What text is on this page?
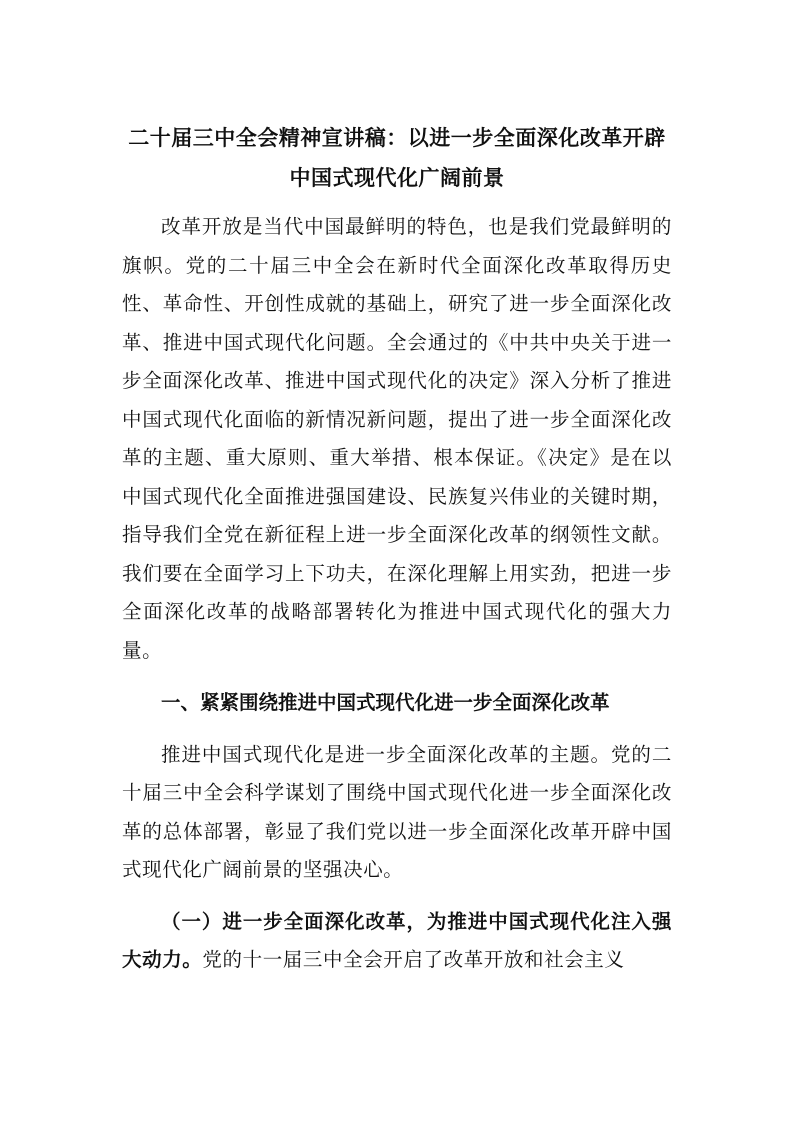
二十届三中全会精神宣讲稿：以进一步全面深化改革开辟中国式现代化广阔前景

改革开放是当代中国最鲜明的特色，也是我们党最鲜明的旗帜。党的二十届三中全会在新时代全面深化改革取得历史性、革命性、开创性成就的基础上，研究了进一步全面深化改革、推进中国式现代化问题。全会通过的《中共中央关于进一步全面深化改革、推进中国式现代化的决定》深入分析了推进中国式现代化面临的新情况新问题，提出了进一步全面深化改革的主题、重大原则、重大举措、根本保证。《决定》是在以中国式现代化全面推进强国建设、民族复兴伟业的关键时期，指导我们全党在新征程上进一步全面深化改革的纲领性文献。我们要在全面学习上下功夫，在深化理解上用实劲，把进一步全面深化改革的战略部署转化为推进中国式现代化的强大力量。

一、紧紧围绕推进中国式现代化进一步全面深化改革

推进中国式现代化是进一步全面深化改革的主题。党的二十届三中全会科学谋划了围绕中国式现代化进一步全面深化改革的总体部署，彰显了我们党以进一步全面深化改革开辟中国式现代化广阔前景的坚强决心。

（一）进一步全面深化改革，为推进中国式现代化注入强大动力。党的十一届三中全会开启了改革开放和社会主义
